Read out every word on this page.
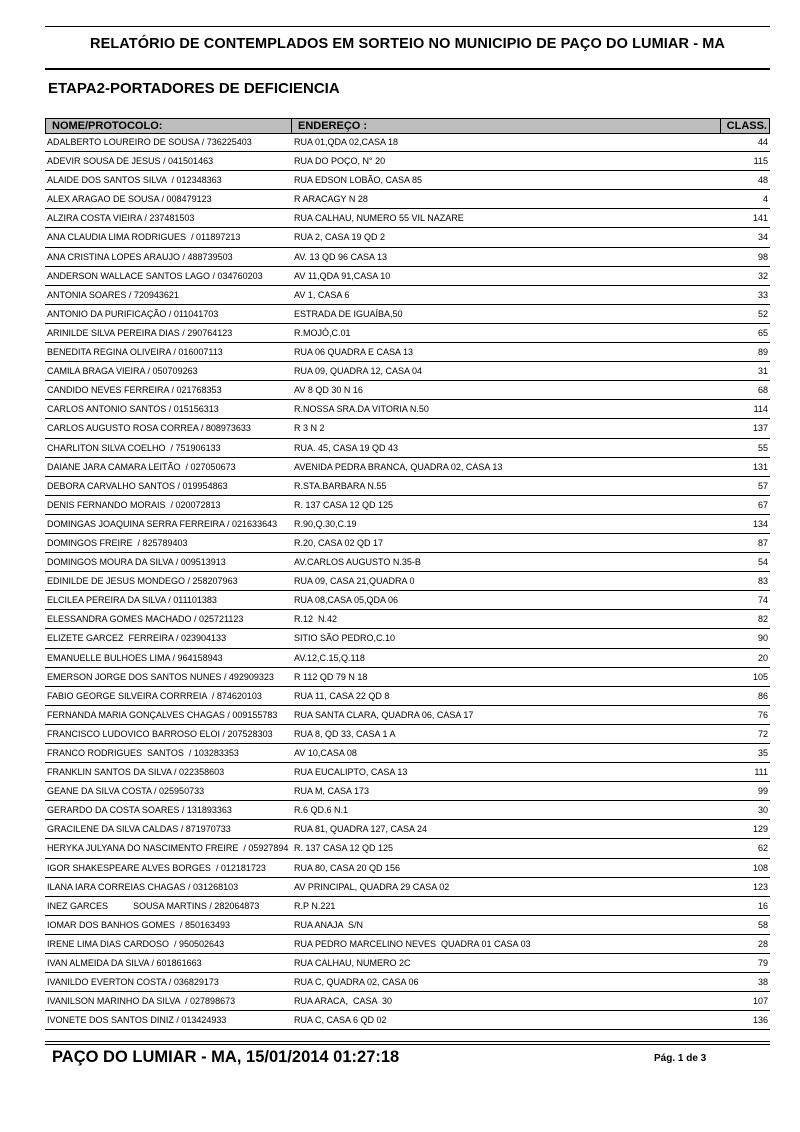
RELATÓRIO DE CONTEMPLADOS EM SORTEIO NO MUNICIPIO DE PAÇO DO LUMIAR - MA
ETAPA2-PORTADORES DE DEFICIENCIA
NOME/PROTOCOLO:	ENDEREÇO :	CLASS.
ADALBERTO LOUREIRO DE SOUSA / 736225403	RUA 01,QDA 02,CASA 18	44
ADEVIR SOUSA DE JESUS / 041501463	RUA DO POÇO, N° 20	115
ALAIDE DOS SANTOS SILVA  / 012348363	RUA EDSON LOBÃO, CASA 85	48
ALEX ARAGAO DE SOUSA / 008479123	R ARACAGY N 28	4
ALZIRA COSTA VIEIRA / 237481503	RUA CALHAU, NUMERO 55 VIL NAZARE	141
ANA CLAUDIA LIMA RODRIGUES  / 011897213	RUA 2, CASA 19 QD 2	34
ANA CRISTINA LOPES ARAUJO / 488739503	AV. 13 QD 96 CASA 13	98
ANDERSON WALLACE SANTOS LAGO / 034760203	AV 11,QDA 91,CASA 10	32
ANTONIA SOARES / 720943621	AV 1, CASA 6	33
ANTONIO DA PURIFICAÇÃO / 011041703	ESTRADA DE IGUAÍBA,50	52
ARINILDE SILVA PEREIRA DIAS / 290764123	R.MOJÓ,C.01	65
BENEDITA REGINA OLIVEIRA / 016007113	RUA 06 QUADRA E CASA 13	89
CAMILA BRAGA VIEIRA / 050709263	RUA 09, QUADRA 12, CASA 04	31
CANDIDO NEVES FERREIRA / 021768353	AV 8 QD 30 N 16	68
CARLOS ANTONIO SANTOS / 015156313	R.NOSSA SRA.DA VITORIA N.50	114
CARLOS AUGUSTO ROSA CORREA / 808973633	R 3 N 2	137
CHARLITON SILVA COELHO  / 751906133	RUA. 45, CASA 19 QD 43	55
DAIANE JARA CAMARA LEITÃO  / 027050673	AVENIDA PEDRA BRANCA, QUADRA 02, CASA 13	131
DEBORA CARVALHO SANTOS / 019954863	R.STA.BARBARA N.55	57
DENIS FERNANDO MORAIS  / 020072813	R. 137 CASA 12 QD 125	67
DOMINGAS JOAQUINA SERRA FERREIRA / 021633643 R.90,Q.30,C.19	134
DOMINGOS FREIRE  / 825789403	R.20, CASA 02 QD 17	87
DOMINGOS MOURA DA SILVA / 009513913	AV.CARLOS AUGUSTO N.35-B	54
EDINILDE DE JESUS MONDEGO / 258207963	RUA 09, CASA 21,QUADRA 0	83
ELCILEA PEREIRA DA SILVA / 011101383	RUA 08,CASA 05,QDA 06	74
ELESSANDRA GOMES MACHADO / 025721123	R.12  N.42	82
ELIZETE GARCEZ  FERREIRA / 023904133	SITIO SÃO PEDRO,C.10	90
EMANUELLE BULHOES LIMA / 964158943	AV.12,C.15,Q.118	20
EMERSON JORGE DOS SANTOS NUNES / 492909323 R 112 QD 79 N 18	105
FABIO GEORGE SILVEIRA CORRREIA  / 874620103	RUA 11, CASA 22 QD 8	86
FERNANDA MARIA GONÇALVES CHAGAS / 009155783 RUA SANTA CLARA, QUADRA 06, CASA 17	76
FRANCISCO LUDOVICO BARROSO ELOI / 207528303 RUA 8, QD 33, CASA 1 A	72
FRANCO RODRIGUES  SANTOS  / 103283353	AV 10,CASA 08	35
FRANKLIN SANTOS DA SILVA / 022358603	RUA EUCALIPTO, CASA 13	111
GEANE DA SILVA COSTA / 025950733	RUA M, CASA 173	99
GERARDO DA COSTA SOARES / 131893363	R.6 QD.6 N.1	30
GRACILENE DA SILVA CALDAS / 871970733	RUA 81, QUADRA 127, CASA 24	129
HERYKA JULYANA DO NASCIMENTO FREIRE  / 05927894 R. 137 CASA 12 QD 125	62
IGOR SHAKESPEARE ALVES BORGES  / 012181723	RUA 80, CASA 20 QD 156	108
ILANA IARA CORREIAS CHAGAS / 031268103	AV PRINCIPAL, QUADRA 29 CASA 02	123
INEZ GARCES          SOUSA MARTINS / 282064873	R.P N.221	16
IOMAR DOS BANHOS GOMES  / 850163493	RUA ANAJA  S/N	58
IRENE LIMA DIAS CARDOSO  / 950502643	RUA PEDRO MARCELINO NEVES  QUADRA 01 CASA 03	28
IVAN ALMEIDA DA SILVA / 601861663	RUA CALHAU, NUMERO 2C	79
IVANILDO EVERTON COSTA / 036829173	RUA C, QUADRA 02, CASA 06	38
IVANILSON MARINHO DA SILVA  / 027898673	RUA ARACA,  CASA  30	107
IVONETE DOS SANTOS DINIZ / 013424933	RUA C, CASA 6 QD 02	136
PAÇO DO LUMIAR - MA, 15/01/2014 01:27:18	Pág. 1 de 3
